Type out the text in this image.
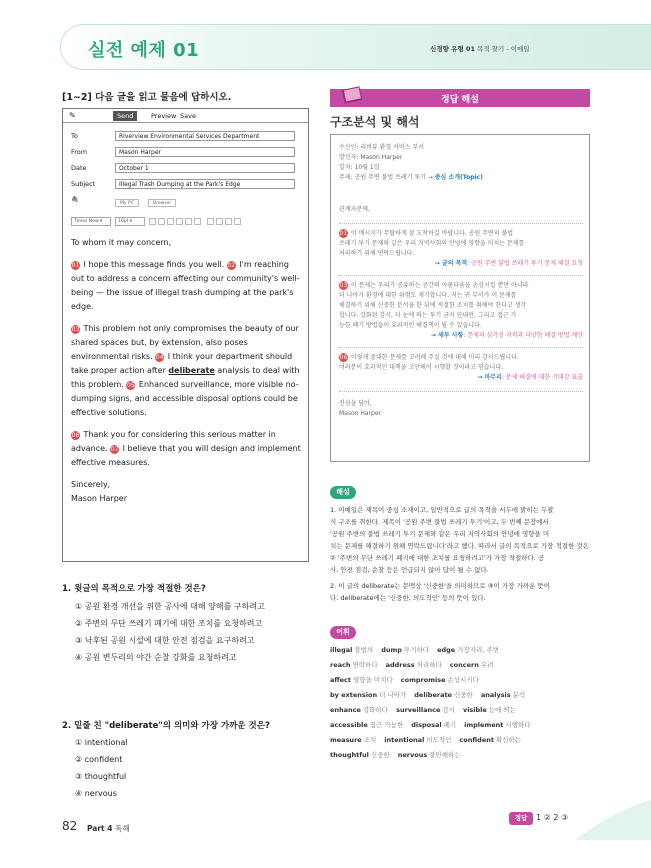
실전 예제 01	신경향 유형 01 목적 찾기 - 이메일
[1~2] 다음 글을 읽고 물음에 답하시오.
✎	Send	Preview Save
To	Riverview Environmental Services Department
From	Mason Harper
Date	October 1
Subject	Illegal Trash Dumping at the Park's Edge
🖇
My PC	Browser
Times New ▾	10pt ▾

To whom it may concern,

01 I hope this message finds you well. 02 I'm reaching out to address a concern affecting our community's well-being — the issue of illegal trash dumping at the park's edge.

03 This problem not only compromises the beauty of our shared spaces but, by extension, also poses environmental risks. 04 I think your department should take proper action after deliberate analysis to deal with this problem. 05 Enhanced surveillance, more visible no-dumping signs, and accessible disposal options could be effective solutions.

06 Thank you for considering this serious matter in advance. 07 I believe that you will design and implement effective measures.

Sincerely,

Mason Harper

1. 윗글의 목적으로 가장 적절한 것은?
① 공원 환경 개선을 위한 공사에 대해 양해를 구하려고
② 주변의 무단 쓰레기 폐기에 대한 조치를 요청하려고
③ 낙후된 공원 시설에 대한 안전 점검을 요구하려고
④ 공원 변두리의 야간 순찰 강화를 요청하려고
2. 밑줄 친 "deliberate"의 의미와 가장 가까운 것은?
① intentional
② confident
③ thoughtful
④ nervous
82 Part 4 독해
정답 해설
구조분석 및 해석
수신인: 리버뷰 환경 서비스 부서
발신자: Mason Harper
일자: 10월 1일
주제: 공원 주변 불법 쓰레기 투기 → 중심 소개(Topic)
관계자분께,
01 이 메시지가 무탈하게 잘 도착하길 바랍니다. 공원 주변의 불법
쓰레기 투기 문제와 같은 우리 지역사회의 안녕에 영향을 미치는 문제를
처리하기 위해 연락드립니다.
→ 글의 목적: 공원 주변 불법 쓰레기 투기 문제 해결 요청
03 이 문제는 우리가 공유하는 공간의 아름다움을 손상시킬 뿐만 아니라
더 나아가 환경에 대한 위험도 제기합니다. 저는 귀 부서가 이 문제를
해결하기 위해 신중한 분석을 한 뒤에 적절한 조치를 취해야 한다고 생각
합니다. 강화된 감시, 더 눈에 띄는 투기 금지 안내판, 그리고 접근 가
능한 폐기 방법들이 효과적인 해결책이 될 수 있습니다.
→ 세부 사항: 문제의 심각성 지적과 다양한 해결 방법 제안
06 이렇게 중대한 문제를 고려해 주실 것에 대해 미리 감사드립니다.
여러분이 효과적인 대책을 고안해서 시행할 것이라고 믿습니다.
→ 마무리: 문제 해결에 대한 기대감 표출
진심을 담아,
Mason Harper
해설
1. 이메일은 제목이 중심 소재이고, 일반적으로 글의 목적을 서두에 밝히는 두괄
식 구조를 취한다. 제목이 '공원 주변 불법 쓰레기 투기'이고, 두 번째 문장에서
'공원 주변의 불법 쓰레기 투기 문제와 같은 우리 지역사회의 안녕에 영향을 미
치는 문제를 해결하기 위해 연락드립니다'라고 했다. 따라서 글의 목적으로 가장 적절한 것은
② '주변의 무단 쓰레기 폐기에 대한 조치를 요청하려고'가 가장 적절하다. 공
사, 안전 점검, 순찰 등은 언급되지 않아 답이 될 수 없다.
2. 이 글의 deliberate는 문맥상 '신중한'을 의미하므로 ③이 가장 가까운 뜻이
다. deliberate에는 '신중한, 의도적인' 등의 뜻이 있다.
어휘
illegal 불법의 dump 투기하다 edge 가장자리, 주변
reach 연락하다 address 처리하다 concern 우려
affect 영향을 미치다 compromise 손상시키다
by extension 더 나아가 deliberate 신중한 analysis 분석
enhance 강화하다 surveillance 감시 visible 눈에 띄는
accessible 접근 가능한 disposal 폐기 implement 시행하다
measure 조치 intentional 의도적인 confident 확신하는
thoughtful 신중한 nervous 불안해하는
정답	1 ② 2 ③
